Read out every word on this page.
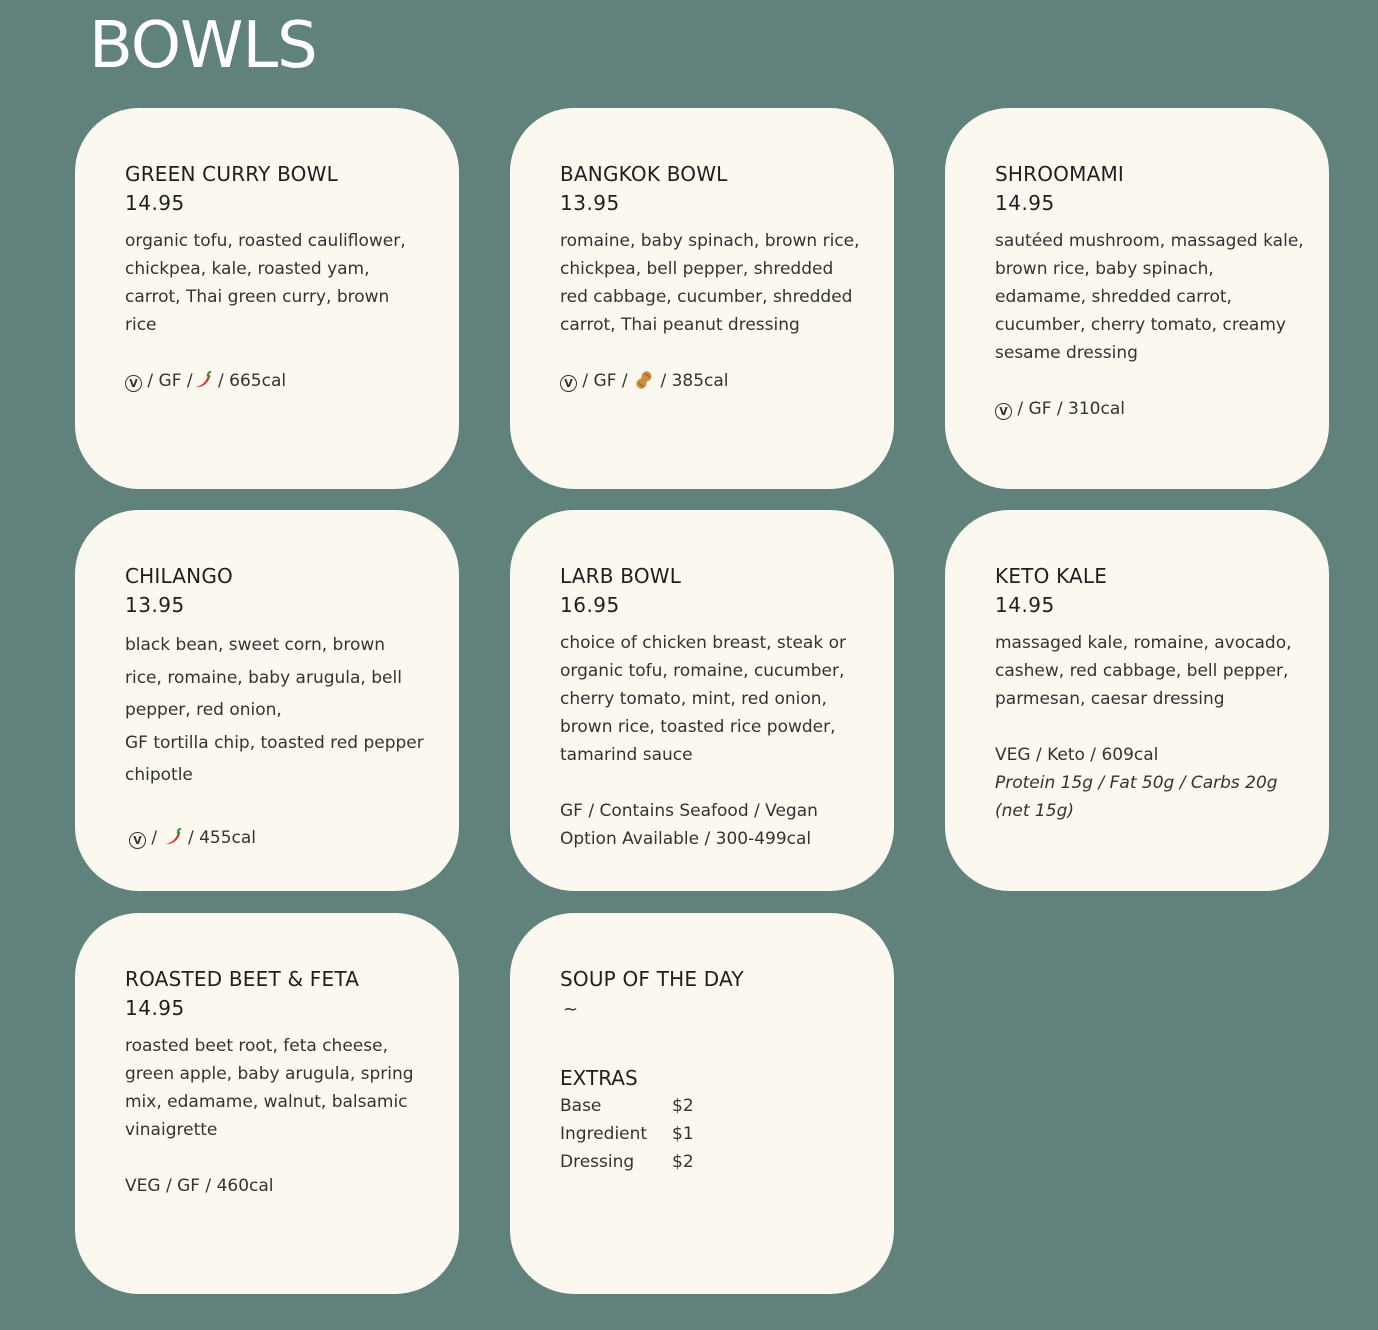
BOWLS
GREEN CURRY BOWL
14.95

organic tofu, roasted cauliflower, chickpea, kale, roasted yam, carrot, Thai green curry, brown rice

V / GF / / 665cal
BANGKOK BOWL
13.95

romaine, baby spinach, brown rice, chickpea, bell pepper, shredded red cabbage, cucumber, shredded carrot, Thai peanut dressing

V / GF / / 385cal
SHROOMAMI
14.95

sautéed mushroom, massaged kale, brown rice, baby spinach, edamame, shredded carrot, cucumber, cherry tomato, creamy sesame dressing

V / GF / 310cal
CHILANGO
13.95

black bean, sweet corn, brown rice, romaine, baby arugula, bell pepper, red onion,

GF tortilla chip, toasted red pepper chipotle

V / / 455cal
LARB BOWL
16.95

choice of chicken breast, steak or organic tofu, romaine, cucumber, cherry tomato, mint, red onion, brown rice, toasted rice powder, tamarind sauce

GF / Contains Seafood / Vegan Option Available / 300-499cal

KETO KALE
14.95

massaged kale, romaine, avocado, cashew, red cabbage, bell pepper, parmesan, caesar dressing

VEG / Keto / 609cal

Protein 15g / Fat 50g / Carbs 20g (net 15g)

ROASTED BEET & FETA
14.95

roasted beet root, feta cheese, green apple, baby arugula, spring mix, edamame, walnut, balsamic vinaigrette

VEG / GF / 460cal

SOUP OF THE DAY
~
EXTRAS
Base	$2
Ingredient	$1
Dressing	$2
